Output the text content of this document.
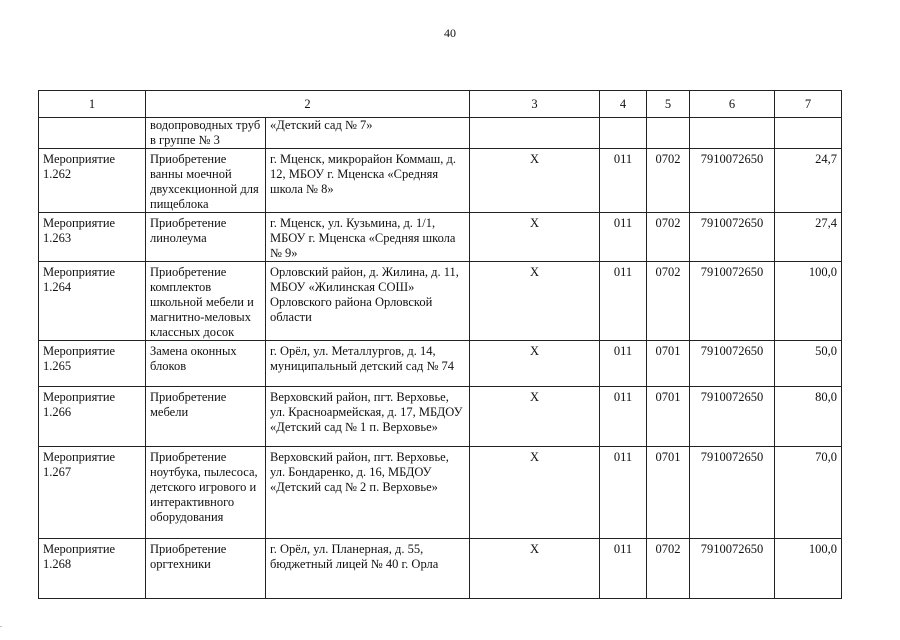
40
1	2		3	4	5	6	7
	водопроводных труб в группе № 3	«Детский сад № 7»					
Мероприятие 1.262	Приобретение ванны моечной двухсекционной для пищеблока	г. Мценск, микрорайон Коммаш, д. 12, МБОУ г. Мценска «Средняя школа № 8»	Х	011	0702	7910072650	24,7
Мероприятие 1.263	Приобретение линолеума	г. Мценск, ул. Кузьмина, д. 1/1, МБОУ г. Мценска «Средняя школа № 9»	Х	011	0702	7910072650	27,4
Мероприятие 1.264	Приобретение комплектов школьной мебели и магнитно-меловых классных досок	Орловский район, д. Жилина, д. 11, МБОУ «Жилинская СОШ» Орловского района Орловской области	Х	011	0702	7910072650	100,0
Мероприятие 1.265	Замена оконных блоков	г. Орёл, ул. Металлургов, д. 14, муниципальный детский сад № 74	Х	011	0701	7910072650	50,0
Мероприятие 1.266	Приобретение мебели	Верховский район, пгт. Верховье, ул. Красноармейская, д. 17, МБДОУ «Детский сад № 1 п. Верховье»	Х	011	0701	7910072650	80,0
Мероприятие 1.267	Приобретение ноутбука, пылесоса, детского игрового и интерактивного оборудования	Верховский район, пгт. Верховье, ул. Бондаренко, д. 16, МБДОУ «Детский сад № 2 п. Верховье»	Х	011	0701	7910072650	70,0
Мероприятие 1.268	Приобретение оргтехники	г. Орёл, ул. Планерная, д. 55, бюджетный лицей № 40 г. Орла	Х	011	0702	7910072650	100,0
.
